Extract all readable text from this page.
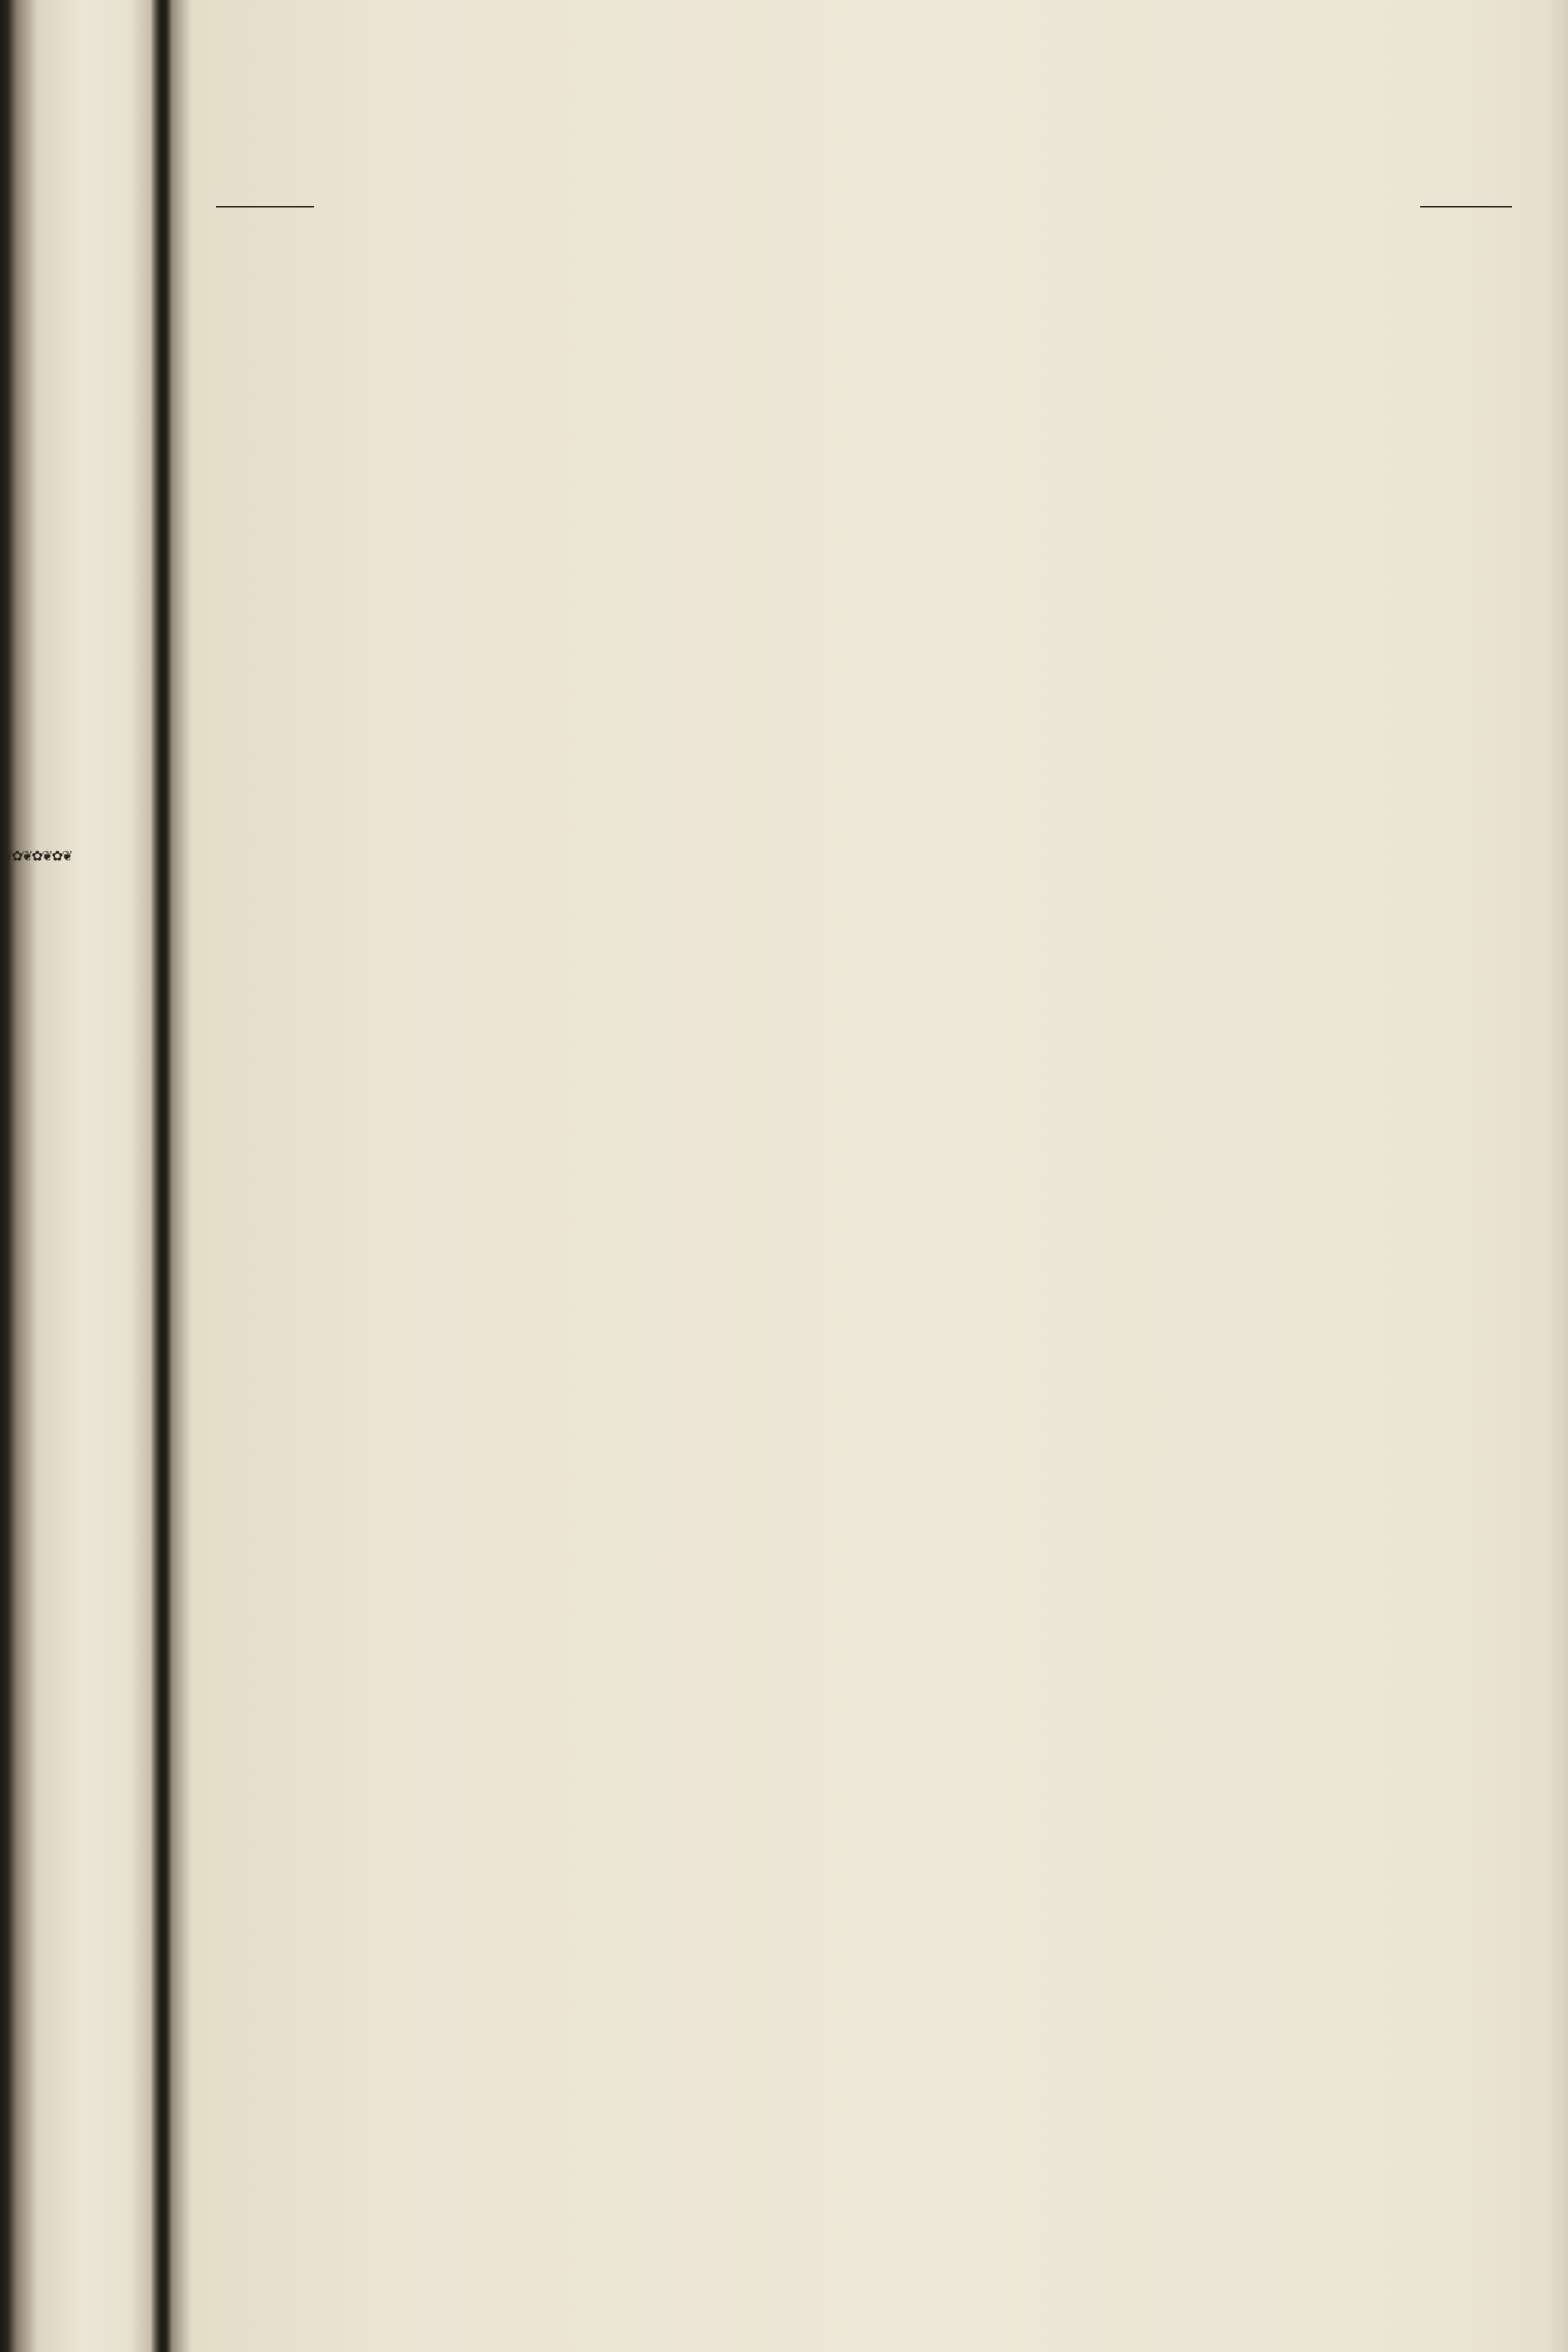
❦✿❦✿❦✿❦
